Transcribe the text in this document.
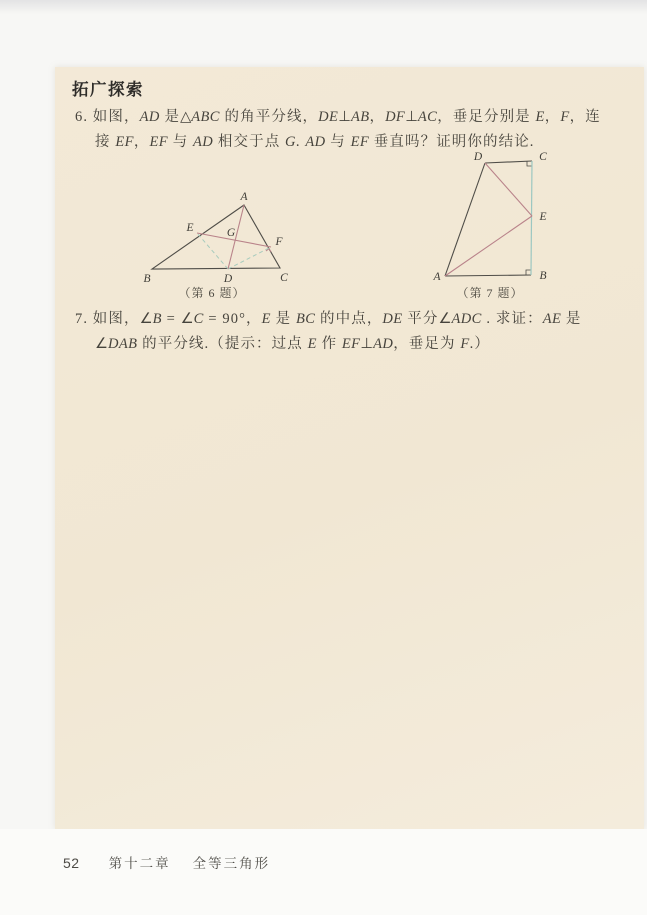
拓广探索
6. 如图，AD 是△ABC 的角平分线，DE⊥AB，DF⊥AC，垂足分别是 E，F，连
接 EF，EF 与 AD 相交于点 G. AD 与 EF 垂直吗？证明你的结论.
A
B	C
D
E
F
G
（第 6 题）
D	C
E
B
A
（第 7 题）
7. 如图，∠B = ∠C = 90°，E 是 BC 的中点，DE 平分∠ADC . 求证：AE 是
∠DAB 的平分线.（提示：过点 E 作 EF⊥AD，垂足为 F.）
52 第十二章 全等三角形
